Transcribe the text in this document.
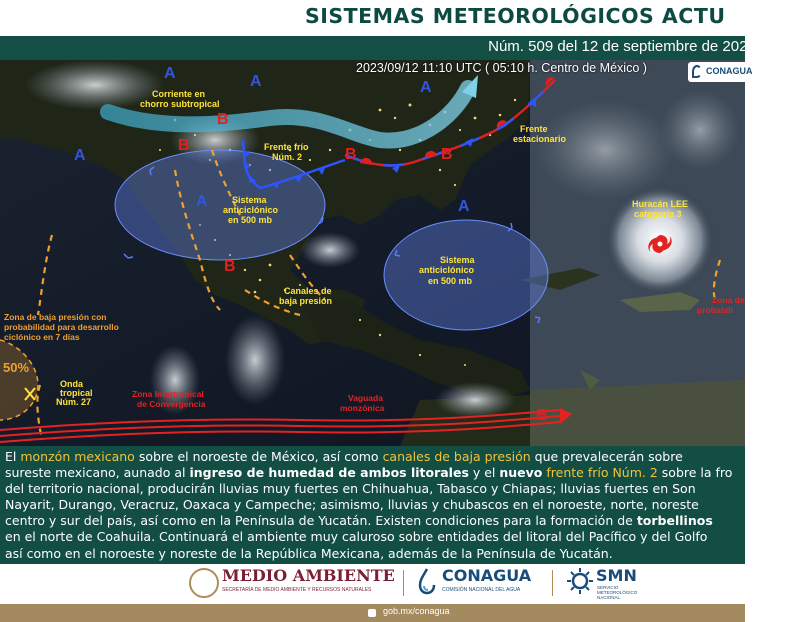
SISTEMAS METEOROLÓGICOS ACTU
Núm. 509 del 12 de septiembre de 2023 / 06
A	A	A
A
A	A
B
B
B	B
B
B
Corriente en
chorro subtropical
Frente frío
Núm. 2
Frente
estacionario
Sistema
anticiclónico
en 500 mb
Sistema
anticiclónico
en 500 mb
Huracán LEE
categoría 3
Canales de
baja presión
Onda
tropical
Núm. 27
Zona de baja presión con
probabilidad para desarrollo
ciclónico en 7 días
Zona de
probabili
Zona Intertropical
de Convergencia
Vaguada
monzónica
50%
2023/09/12 11:10 UTC ( 05:10 h. Centro de México )	CONAGUA
El monzón mexicano sobre el noroeste de México, así como canales de baja presión que prevalecerán sobre
sureste mexicano, aunado al ingreso de humedad de ambos litorales y el nuevo frente frío Núm. 2 sobre la fro
del territorio nacional, producirán lluvias muy fuertes en Chihuahua, Tabasco y Chiapas; lluvias fuertes en Son
Nayarit, Durango, Veracruz, Oaxaca y Campeche; asimismo, lluvias y chubascos en el noroeste, norte, noreste
centro y sur del país, así como en la Península de Yucatán. Existen condiciones para la formación de torbellinos
en el norte de Coahuila. Continuará el ambiente muy caluroso sobre entidades del litoral del Pacífico y del Golfo
así como en el noroeste y noreste de la República Mexicana, además de la Península de Yucatán.
MEDIO AMBIENTE
SECRETARÍA DE MEDIO AMBIENTE Y RECURSOS NATURALES
CONAGUA
COMISIÓN NACIONAL DEL AGUA
SMN
SERVICIO METEOROLÓGICO NACIONAL
gob.mx/conagua
